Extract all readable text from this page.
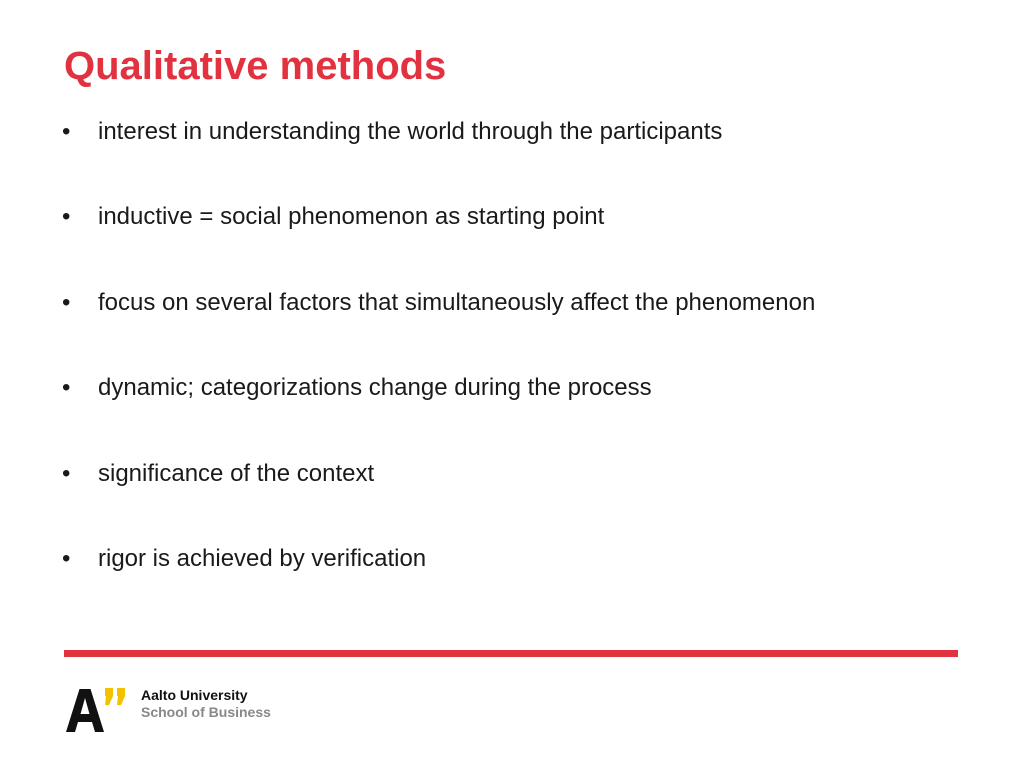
Qualitative methods
•	interest in understanding the world through the participants
•	inductive = social phenomenon as starting point
•	focus on several factors that simultaneously affect the phenomenon
•	dynamic; categorizations change during the process
•	significance of the context
•	rigor is achieved by verification
Aalto University
School of Business
